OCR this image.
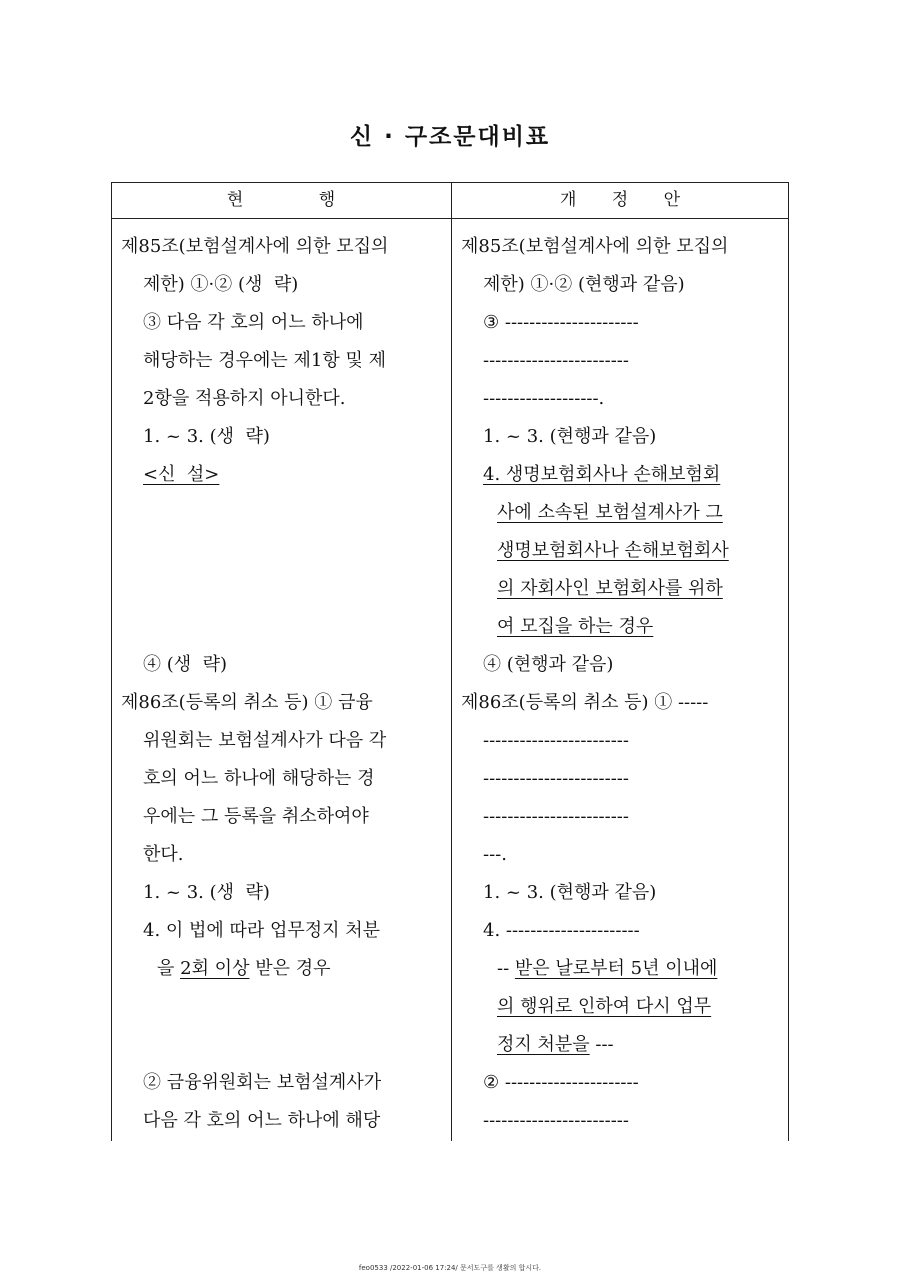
신 · 구조문대비표
현	행	개 정 안
제85조(보험설계사에 의한 모집의
제한) ①·② (생  략)
③ 다음 각 호의 어느 하나에
해당하는 경우에는 제1항 및 제
2항을 적용하지 아니한다.
1. ~ 3. (생  략)
<신  설>
④ (생  략)
제86조(등록의 취소 등) ① 금융
위원회는 보험설계사가 다음 각
호의 어느 하나에 해당하는 경
우에는 그 등록을 취소하여야
한다.
1. ~ 3. (생  략)
4. 이 법에 따라 업무정지 처분
을 2회 이상 받은 경우
② 금융위원회는 보험설계사가
다음 각 호의 어느 하나에 해당
제85조(보험설계사에 의한 모집의
제한) ①·② (현행과 같음)
③ ----------------------
------------------------
-------------------.
1. ~ 3. (현행과 같음)
4. 생명보험회사나 손해보험회
사에 소속된 보험설계사가 그
생명보험회사나 손해보험회사
의 자회사인 보험회사를 위하
여 모집을 하는 경우
④ (현행과 같음)
제86조(등록의 취소 등) ① -----
------------------------
------------------------
------------------------
---.
1. ~ 3. (현행과 같음)
4. ----------------------
-- 받은 날로부터 5년 이내에
의 행위로 인하여 다시 업무
정지 처분을 ---
② ----------------------
------------------------
feo0533 /2022-01-06 17:24/ 문서도구를 생활의 합시다.
